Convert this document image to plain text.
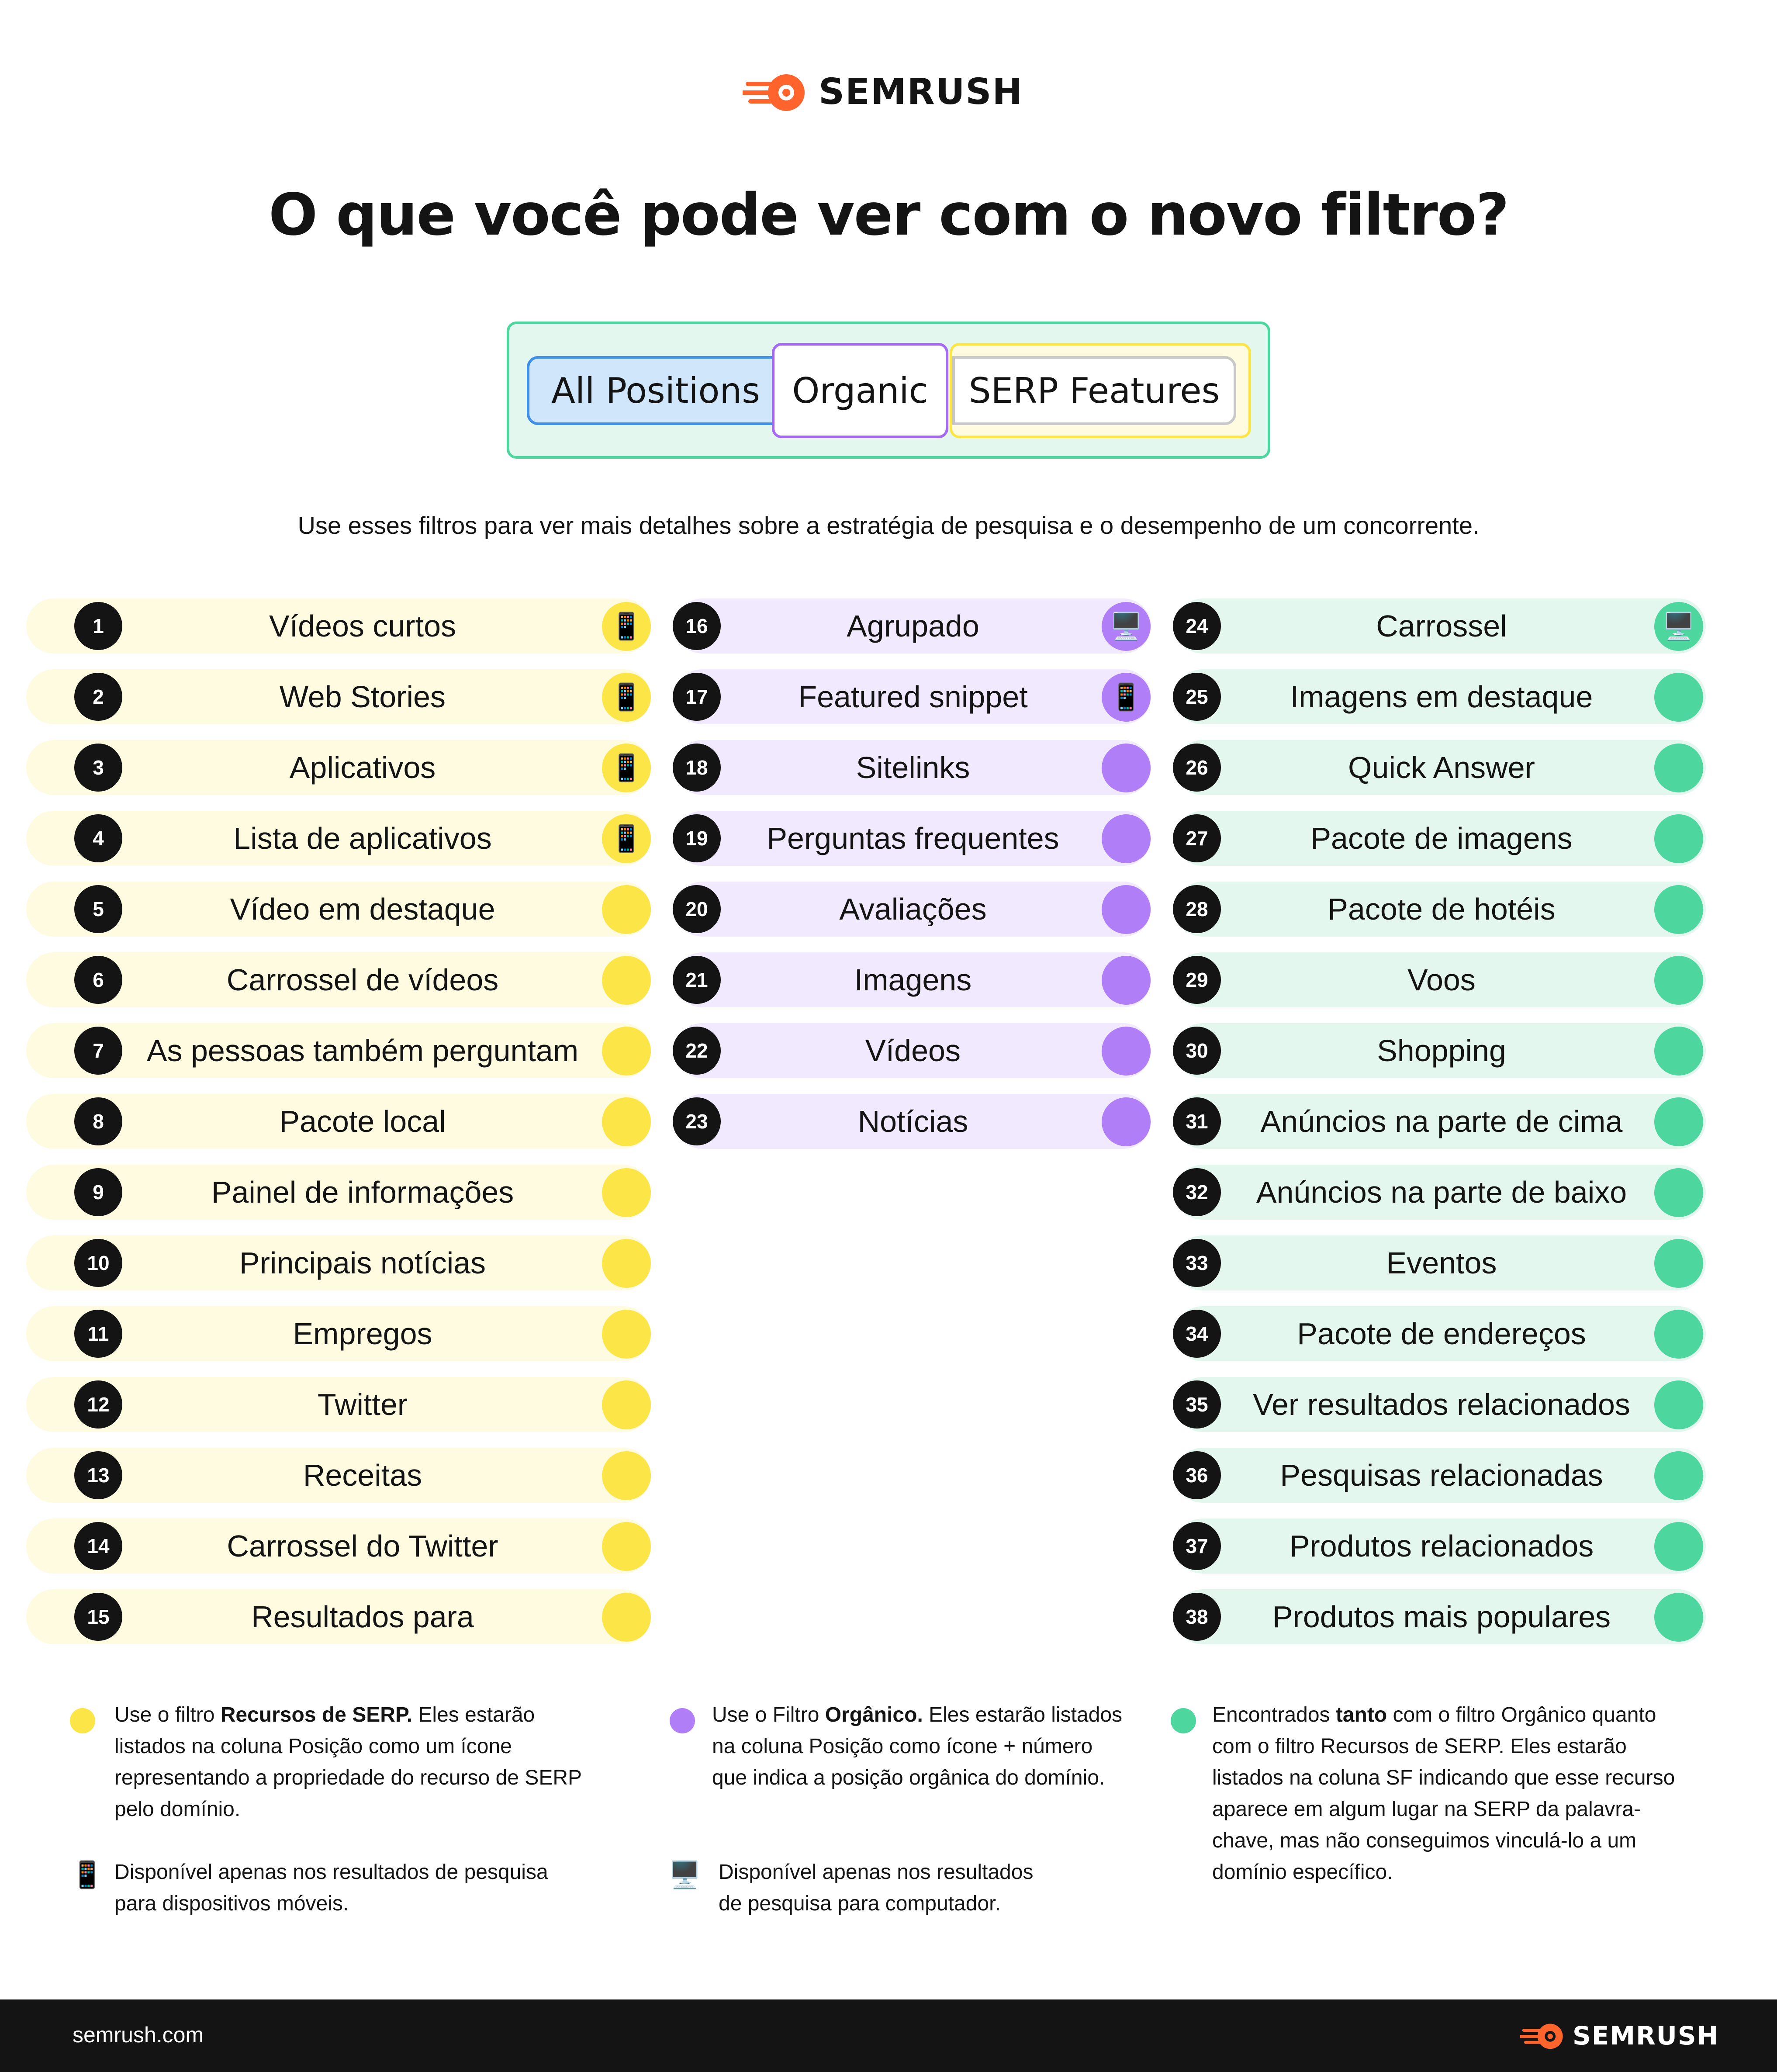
SEMRUSH
O que você pode ver com o novo filtro?
All Positions	SERP Features
Organic

Use esses filtros para ver mais detalhes sobre a estratégia de pesquisa e o desempenho de um concorrente.

1	Vídeos curtos	📱
2	Web Stories	📱
3	Aplicativos	📱
4	Lista de aplicativos	📱
5	Vídeo em destaque
6	Carrossel de vídeos
7	As pessoas também perguntam
8	Pacote local
9	Painel de informações
10	Principais notícias
11	Empregos
12	Twitter
13	Receitas
14	Carrossel do Twitter
15	Resultados para
16	Agrupado	🖥️
17	Featured snippet	📱
18	Sitelinks
19	Perguntas frequentes
20	Avaliações
21	Imagens
22	Vídeos
23	Notícias
24	Carrossel	🖥️
25	Imagens em destaque
26	Quick Answer
27	Pacote de imagens
28	Pacote de hotéis
29	Voos
30	Shopping
31	Anúncios na parte de cima
32	Anúncios na parte de baixo
33	Eventos
34	Pacote de endereços
35	Ver resultados relacionados
36	Pesquisas relacionadas
37	Produtos relacionados
38	Produtos mais populares
Use o filtro Recursos de SERP. Eles estarão
listados na coluna Posição como um ícone
representando a propriedade do recurso de SERP
pelo domínio.
Use o Filtro Orgânico. Eles estarão listados
na coluna Posição como ícone + número
que indica a posição orgânica do domínio.
Encontrados tanto com o filtro Orgânico quanto
com o filtro Recursos de SERP. Eles estarão
listados na coluna SF indicando que esse recurso
aparece em algum lugar na SERP da palavra-
chave, mas não conseguimos vinculá-lo a um
domínio específico.
📱 Disponível apenas nos resultados de pesquisa
para dispositivos móveis.
🖥️ Disponível apenas nos resultados
de pesquisa para computador.
semrush.com	SEMRUSH
